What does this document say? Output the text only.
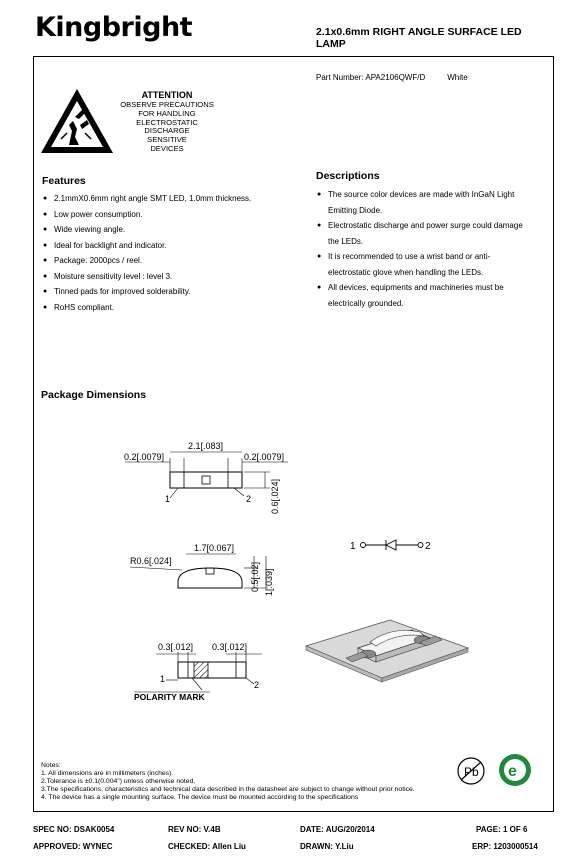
Kingbright	2.1x0.6mm RIGHT ANGLE SURFACE LED
LAMP
Part Number: APA2106QWF/D	White
ATTENTION
OBSERVE PRECAUTIONS
FOR HANDLING
ELECTROSTATIC
DISCHARGE
SENSITIVE
DEVICES
Features
● 2.1mmX0.6mm right angle SMT LED, 1.0mm thickness.
● Low power consumption.
● Wide viewing angle.
● Ideal for backlight and indicator.
● Package: 2000pcs / reel.
● Moisture sensitivity level : level 3.
● Tinned pads for improved solderability.
● RoHS compliant.
Descriptions
● The source color devices are made with InGaN Light
Emitting Diode.
● Electrostatic discharge and power surge could damage
the LEDs.
● It is recommended to use a wrist band or anti-
electrostatic glove when handling the LEDs.
● All devices, equipments and machineries must be
electrically grounded.
Package Dimensions
2.1[.083]
0.2[.0079]	0.2[.0079]
1	2 0.6[.024]
1.7[0.067]
R0.6[.024]
0.5[.02] 1[.039]
0.3[.012] 0.3[.012]
1
2
POLARITY MARK
1	2
Notes:
1. All dimensions are in millimeters (inches).
2.Tolerance is ±0.1(0.004") unless otherwise noted.
3.The specifications, characteristics and technical data described in the datasheet are subject to change without prior notice.
4. The device has a single mounting surface. The device must be mounted according to the specifications
Pb e
SPEC NO: DSAK0054	REV NO: V.4B	DATE: AUG/20/2014	PAGE: 1 OF 6
APPROVED: WYNEC	CHECKED: Allen Liu	DRAWN: Y.Liu	ERP: 1203000514
